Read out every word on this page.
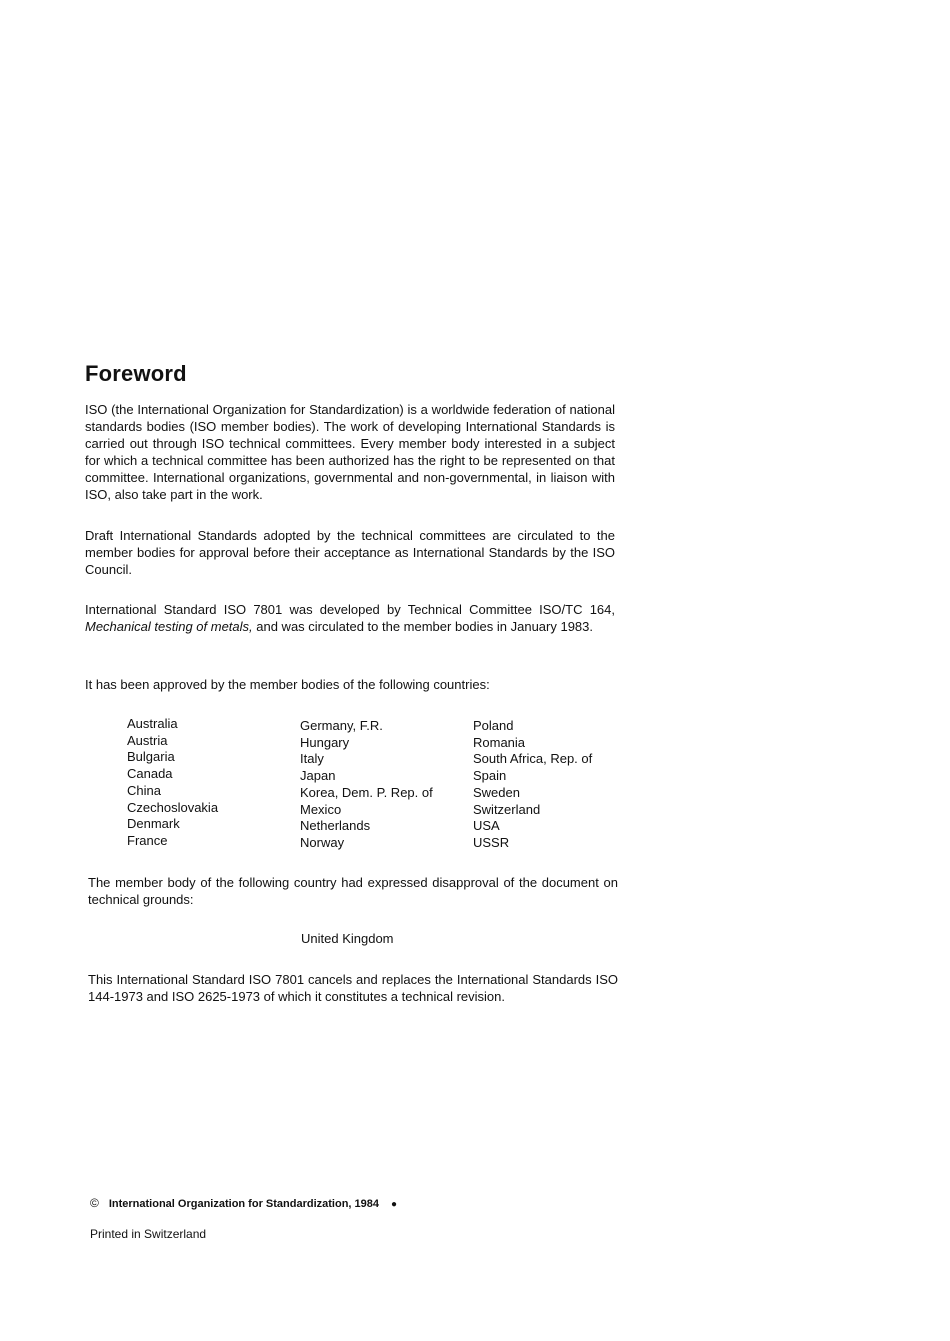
Foreword

ISO (the International Organization for Standardization) is a worldwide federation of national standards bodies (ISO member bodies). The work of developing International Standards is carried out through ISO technical committees. Every member body interested in a subject for which a technical committee has been authorized has the right to be represented on that committee. International organizations, governmental and non-governmental, in liaison with ISO, also take part in the work.

Draft International Standards adopted by the technical committees are circulated to the member bodies for approval before their acceptance as International Standards by the ISO Council.

International Standard ISO 7801 was developed by Technical Committee ISO/TC 164, Mechanical testing of metals, and was circulated to the member bodies in January 1983.

It has been approved by the member bodies of the following countries:

Australia
Austria
Bulgaria
Canada
China
Czechoslovakia
Denmark
France
Germany, F.R.
Hungary
Italy
Japan
Korea, Dem. P. Rep. of
Mexico
Netherlands
Norway
Poland
Romania
South Africa, Rep. of
Spain
Sweden
Switzerland
USA
USSR

The member body of the following country had expressed disapproval of the document on technical grounds:

United Kingdom

This International Standard ISO 7801 cancels and replaces the International Standards ISO 144-1973 and ISO 2625-1973 of which it constitutes a technical revision.

© International Organization for Standardization, 1984 ●

Printed in Switzerland
